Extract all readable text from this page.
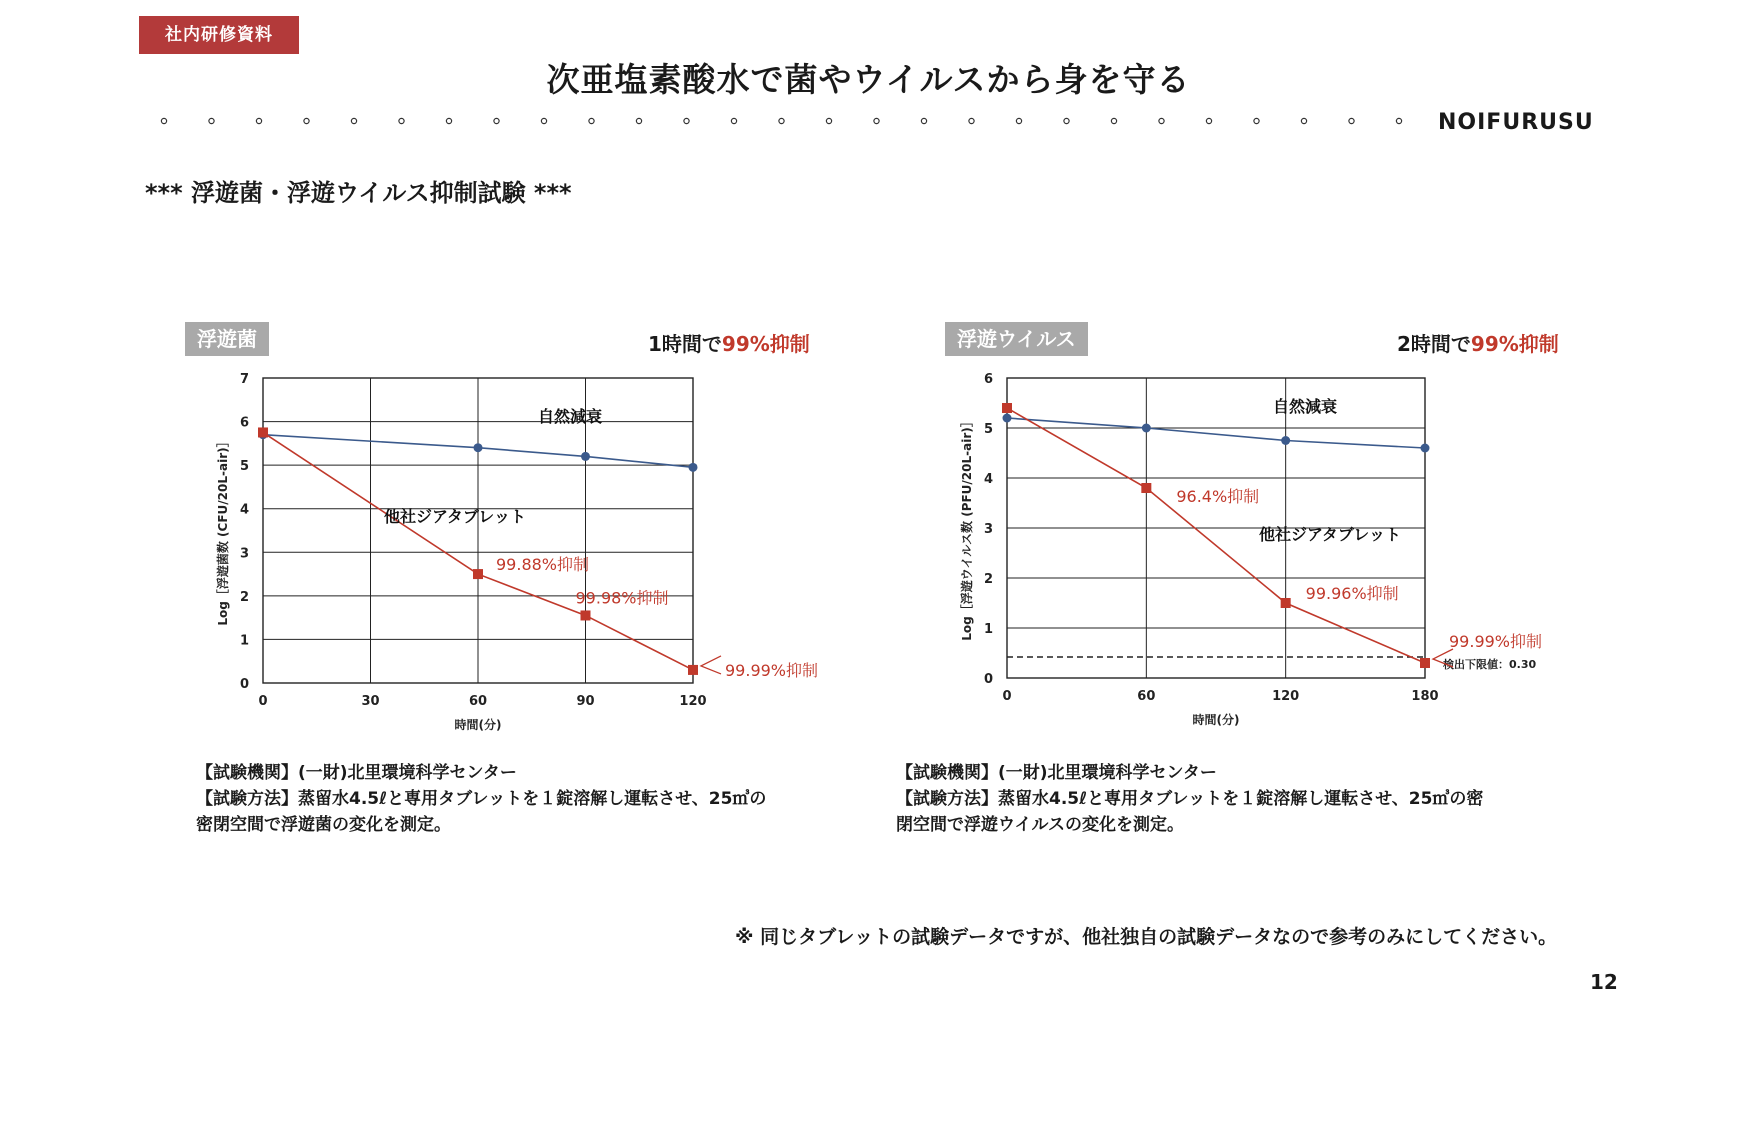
社内研修資料
次亜塩素酸水で菌やウイルスから身を守る
NOIFURUSU
*** 浮遊菌・浮遊ウイルス抑制試験 ***
浮遊菌	1時間で99%抑制
0
1
2
3
4
5
6
7
0	30	60	90	120
時間(分)
Log［浮遊菌数 (CFU/20L-air)］
自然減衰
他社ジアタブレット
99.88%抑制
99.98%抑制
99.99%抑制
【試験機関】(一財)北里環境科学センター
【試験方法】蒸留水4.5ℓと専用タブレットを１錠溶解し運転させ、25㎥の
密閉空間で浮遊菌の変化を測定。
浮遊ウイルス	2時間で99%抑制
0
1
2
3
4
5
6
0	60	120	180
時間(分)
Log［浮遊ウイルス数 (PFU/20L-air)］
検出下限値：0.30
自然減衰
他社ジアタブレット
96.4%抑制
99.96%抑制
99.99%抑制
【試験機関】(一財)北里環境科学センター
【試験方法】蒸留水4.5ℓと専用タブレットを１錠溶解し運転させ、25㎥の密
閉空間で浮遊ウイルスの変化を測定。
※ 同じタブレットの試験データですが、他社独自の試験データなので参考のみにしてください。
12
